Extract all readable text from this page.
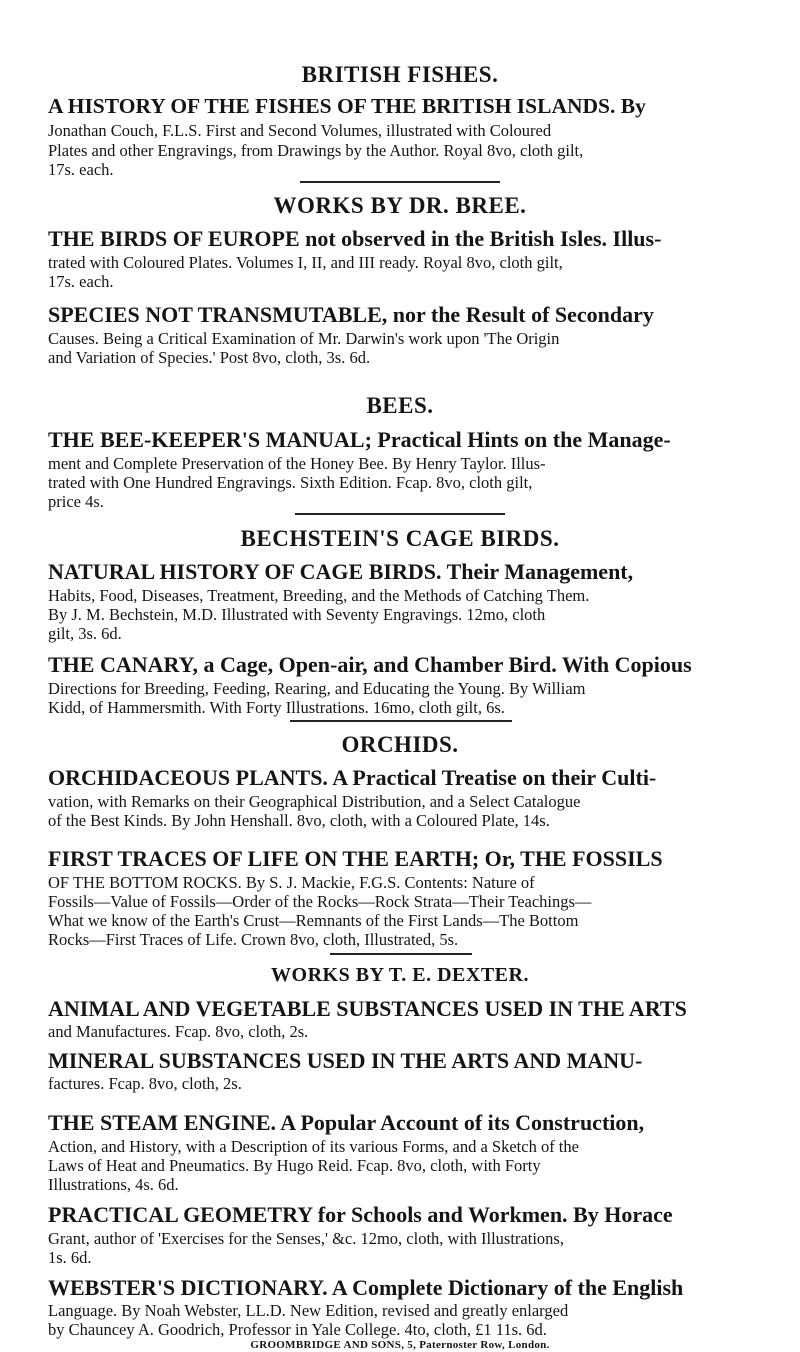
BRITISH FISHES.
A HISTORY OF THE FISHES OF THE BRITISH ISLANDS. By
Jonathan Couch, F.L.S. First and Second Volumes, illustrated with Coloured
Plates and other Engravings, from Drawings by the Author. Royal 8vo, cloth gilt,
17s. each.
WORKS BY DR. BREE.
THE BIRDS OF EUROPE not observed in the British Isles. Illus-
trated with Coloured Plates. Volumes I, II, and III ready. Royal 8vo, cloth gilt,
17s. each.
SPECIES NOT TRANSMUTABLE, nor the Result of Secondary
Causes. Being a Critical Examination of Mr. Darwin's work upon 'The Origin
and Variation of Species.' Post 8vo, cloth, 3s. 6d.
BEES.
THE BEE-KEEPER'S MANUAL; Practical Hints on the Manage-
ment and Complete Preservation of the Honey Bee. By Henry Taylor. Illus-
trated with One Hundred Engravings. Sixth Edition. Fcap. 8vo, cloth gilt,
price 4s.
BECHSTEIN'S CAGE BIRDS.
NATURAL HISTORY OF CAGE BIRDS. Their Management,
Habits, Food, Diseases, Treatment, Breeding, and the Methods of Catching Them.
By J. M. Bechstein, M.D. Illustrated with Seventy Engravings. 12mo, cloth
gilt, 3s. 6d.
THE CANARY, a Cage, Open-air, and Chamber Bird. With Copious
Directions for Breeding, Feeding, Rearing, and Educating the Young. By William
Kidd, of Hammersmith. With Forty Illustrations. 16mo, cloth gilt, 6s.
ORCHIDS.
ORCHIDACEOUS PLANTS. A Practical Treatise on their Culti-
vation, with Remarks on their Geographical Distribution, and a Select Catalogue
of the Best Kinds. By John Henshall. 8vo, cloth, with a Coloured Plate, 14s.
FIRST TRACES OF LIFE ON THE EARTH; Or, THE FOSSILS
OF THE BOTTOM ROCKS. By S. J. Mackie, F.G.S. Contents: Nature of
Fossils—Value of Fossils—Order of the Rocks—Rock Strata—Their Teachings—
What we know of the Earth's Crust—Remnants of the First Lands—The Bottom
Rocks—First Traces of Life. Crown 8vo, cloth, Illustrated, 5s.
WORKS BY T. E. DEXTER.
ANIMAL AND VEGETABLE SUBSTANCES USED IN THE ARTS
and Manufactures. Fcap. 8vo, cloth, 2s.
MINERAL SUBSTANCES USED IN THE ARTS AND MANU-
factures. Fcap. 8vo, cloth, 2s.
THE STEAM ENGINE. A Popular Account of its Construction,
Action, and History, with a Description of its various Forms, and a Sketch of the
Laws of Heat and Pneumatics. By Hugo Reid. Fcap. 8vo, cloth, with Forty
Illustrations, 4s. 6d.
PRACTICAL GEOMETRY for Schools and Workmen. By Horace
Grant, author of 'Exercises for the Senses,' &c. 12mo, cloth, with Illustrations,
1s. 6d.
WEBSTER'S DICTIONARY. A Complete Dictionary of the English
Language. By Noah Webster, LL.D. New Edition, revised and greatly enlarged
by Chauncey A. Goodrich, Professor in Yale College. 4to, cloth, £1 11s. 6d.
GROOMBRIDGE AND SONS, 5, Paternoster Row, London.
